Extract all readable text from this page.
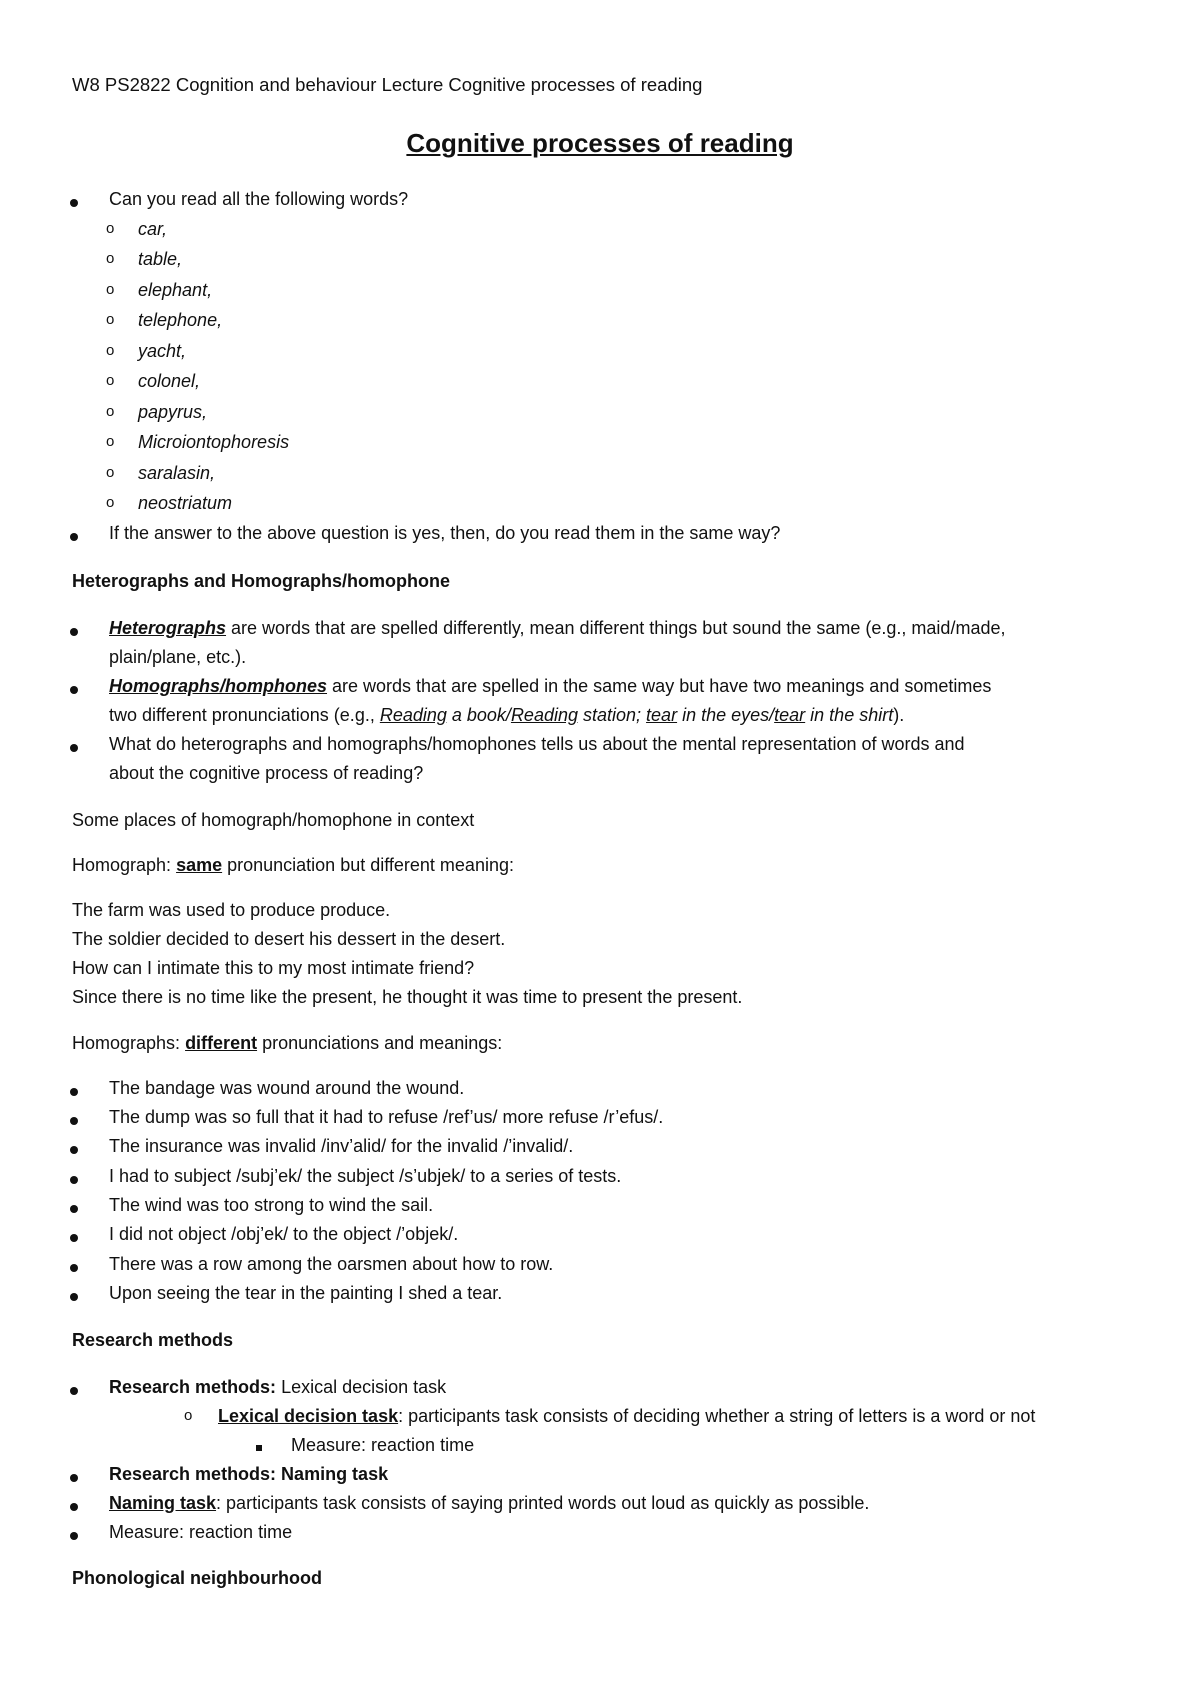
W8 PS2822 Cognition and behaviour Lecture Cognitive processes of reading
Cognitive processes of reading
Can you read all the following words?
o car,
o table,
o elephant,
o telephone,
o yacht,
o colonel,
o papyrus,
o Microiontophoresis
o saralasin,
o neostriatum
If the answer to the above question is yes, then, do you read them in the same way?
Heterographs and Homographs/homophone
Heterographs are words that are spelled differently, mean different things but sound the same (e.g., maid/made,
plain/plane, etc.).
Homographs/homphones are words that are spelled in the same way but have two meanings and sometimes
two different pronunciations (e.g., Reading a book/Reading station; tear in the eyes/tear in the shirt).
What do heterographs and homographs/homophones tells us about the mental representation of words and
about the cognitive process of reading?
Some places of homograph/homophone in context
Homograph: same pronunciation but different meaning:
The farm was used to produce produce.
The soldier decided to desert his dessert in the desert.
How can I intimate this to my most intimate friend?
Since there is no time like the present, he thought it was time to present the present.
Homographs: different pronunciations and meanings:
The bandage was wound around the wound.
The dump was so full that it had to refuse /ref’us/ more refuse /r’efus/.
The insurance was invalid /inv’alid/ for the invalid /’invalid/.
I had to subject /subj’ek/ the subject /s’ubjek/ to a series of tests.
The wind was too strong to wind the sail.
I did not object /obj’ek/ to the object /’objek/.
There was a row among the oarsmen about how to row.
Upon seeing the tear in the painting I shed a tear.
Research methods
Research methods: Lexical decision task
o Lexical decision task: participants task consists of deciding whether a string of letters is a word or not
Measure: reaction time
Research methods: Naming task
Naming task: participants task consists of saying printed words out loud as quickly as possible.
Measure: reaction time
Phonological neighbourhood
